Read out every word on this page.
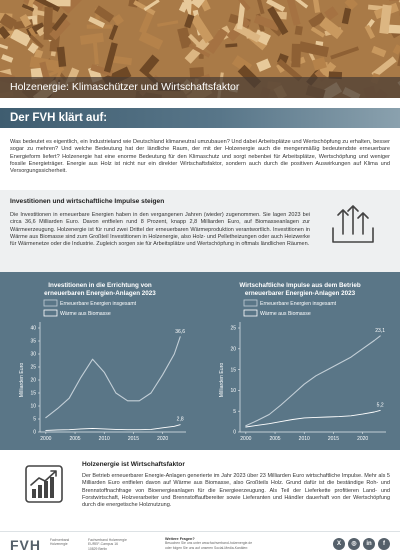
Holzenergie: Klimaschützer und Wirtschaftsfaktor
Der FVH klärt auf:

Was bedeutet es eigentlich, ein Industrieland wie Deutschland klimaneutral umzubauen? Und dabei Arbeitsplätze und Wertschöpfung zu erhalten, besser sogar zu mehren? Und welche Bedeutung hat der ländliche Raum, der mit der Holzenergie auch die mengenmäßig bedeutendste erneuerbare Energieform liefert? Holzenergie hat eine enorme Bedeutung für den Klimaschutz und sorgt nebenbei für Arbeitsplätze, Wertschöpfung und weniger fossile Energieträger. Energie aus Holz ist nicht nur ein direkter Wirtschaftsfaktor, sondern auch durch die positiven Auswirkungen auf Klima und Versorgungssicherheit.

Investitionen und wirtschaftliche Impulse steigen

Die Investitionen in erneuerbare Energien haben in den vergangenen Jahren (wieder) zugenommen. Sie lagen 2023 bei circa 36,6 Milliarden Euro. Davon entfielen rund 8 Prozent, knapp 2,8 Milliarden Euro, auf Biomasseanlagen zur Wärmeerzeugung. Holzenergie ist für rund zwei Drittel der erneuerbaren Wärmeproduktion verantwortlich. Investitionen in Wärme aus Biomasse sind zum Großteil Investitionen in Holzenergie, also Holz- und Pelletheizungen oder auch Heizwerke für Wärmenetze oder die Industrie. Zugleich sorgen sie für Arbeitsplätze und Wertschöpfung in oftmals ländlichen Räumen.

Investitionen in die Errichtung von erneuerbaren Energien-Anlagen 2023
0
5
10
15
20
25
30
35
40
2000	2005	2010	2015	2020
Milliarden Euro
Erneuerbare Energien insgesamt
Wärme aus Biomasse
36,6
2,8
Wirtschaftliche Impulse aus dem Betrieb erneuerbarer Energien-Anlagen 2023
0
5
10
15
20
25
2000	2005	2010	2015	2020
Milliarden Euro
Erneuerbare Energien insgesamt
Wärme aus Biomasse
23,1
5,2
Holzenergie ist Wirtschaftsfaktor

Der Betrieb erneuerbarer Energie-Anlagen generierte im Jahr 2023 über 23 Milliarden Euro wirtschaftliche Impulse. Mehr als 5 Milliarden Euro entfielen davon auf Wärme aus Biomasse, also Großteils Holz. Grund dafür ist die beständige Roh- und Brennstoffnachfrage von Bioenergieanlagen für die Energieerzeugung. Als Teil der Lieferkette profitieren Land- und Forstwirtschaft, Holzverarbeiter und Brennstoffaufbereiter sowie Lieferanten und Händler dauerhaft von der Wertschöpfung durch die energetische Holznutzung.

FVH	Fachverband Holzenergie
Fachverband Holzenergie
EUREF-Campus 16
10829 Berlin
Weitere Fragen?
Besuchen Sie uns unter www.fachverband-holzenergie.de
oder folgen Sie uns auf unseren Social-Media-Kanälen:
X	◎	in	f
